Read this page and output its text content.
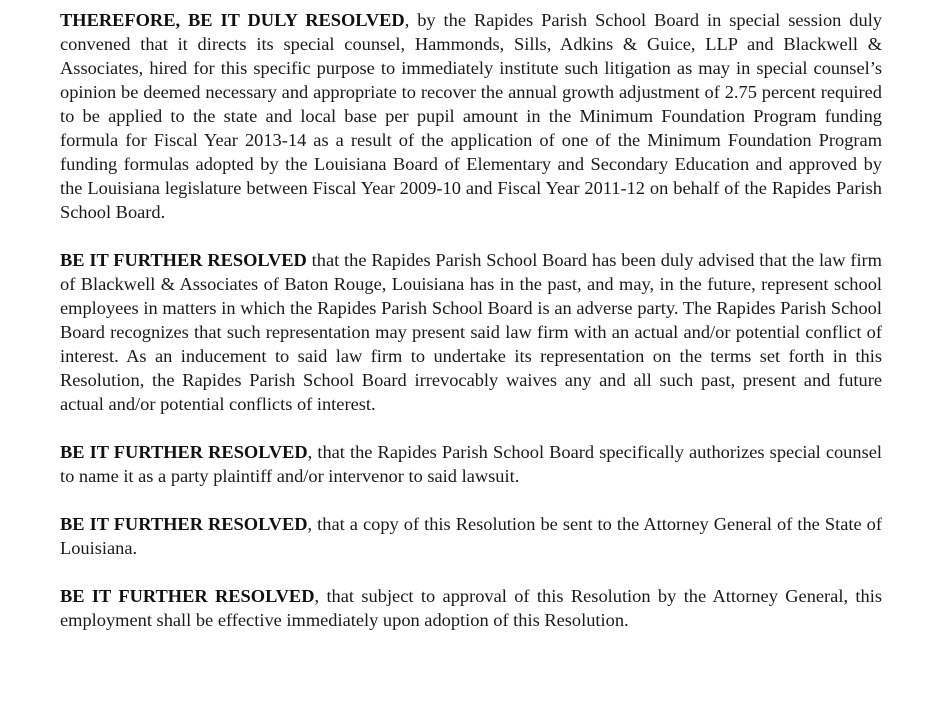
THEREFORE, BE IT DULY RESOLVED, by the Rapides Parish School Board in special session duly convened that it directs its special counsel, Hammonds, Sills, Adkins & Guice, LLP and Blackwell & Associates, hired for this specific purpose to immediately institute such litigation as may in special counsel’s opinion be deemed necessary and appropriate to recover the annual growth adjustment of 2.75 percent required to be applied to the state and local base per pupil amount in the Minimum Foundation Program funding formula for Fiscal Year 2013-14 as a result of the application of one of the Minimum Foundation Program funding formulas adopted by the Louisiana Board of Elementary and Secondary Education and approved by the Louisiana legislature between Fiscal Year 2009-10 and Fiscal Year 2011-12 on behalf of the Rapides Parish School Board.

BE IT FURTHER RESOLVED that the Rapides Parish School Board has been duly advised that the law firm of Blackwell & Associates of Baton Rouge, Louisiana has in the past, and may, in the future, represent school employees in matters in which the Rapides Parish School Board is an adverse party. The Rapides Parish School Board recognizes that such representation may present said law firm with an actual and/or potential conflict of interest. As an inducement to said law firm to undertake its representation on the terms set forth in this Resolution, the Rapides Parish School Board irrevocably waives any and all such past, present and future actual and/or potential conflicts of interest.

BE IT FURTHER RESOLVED, that the Rapides Parish School Board specifically authorizes special counsel to name it as a party plaintiff and/or intervenor to said lawsuit.

BE IT FURTHER RESOLVED, that a copy of this Resolution be sent to the Attorney General of the State of Louisiana.

BE IT FURTHER RESOLVED, that subject to approval of this Resolution by the Attorney General, this employment shall be effective immediately upon adoption of this Resolution.
